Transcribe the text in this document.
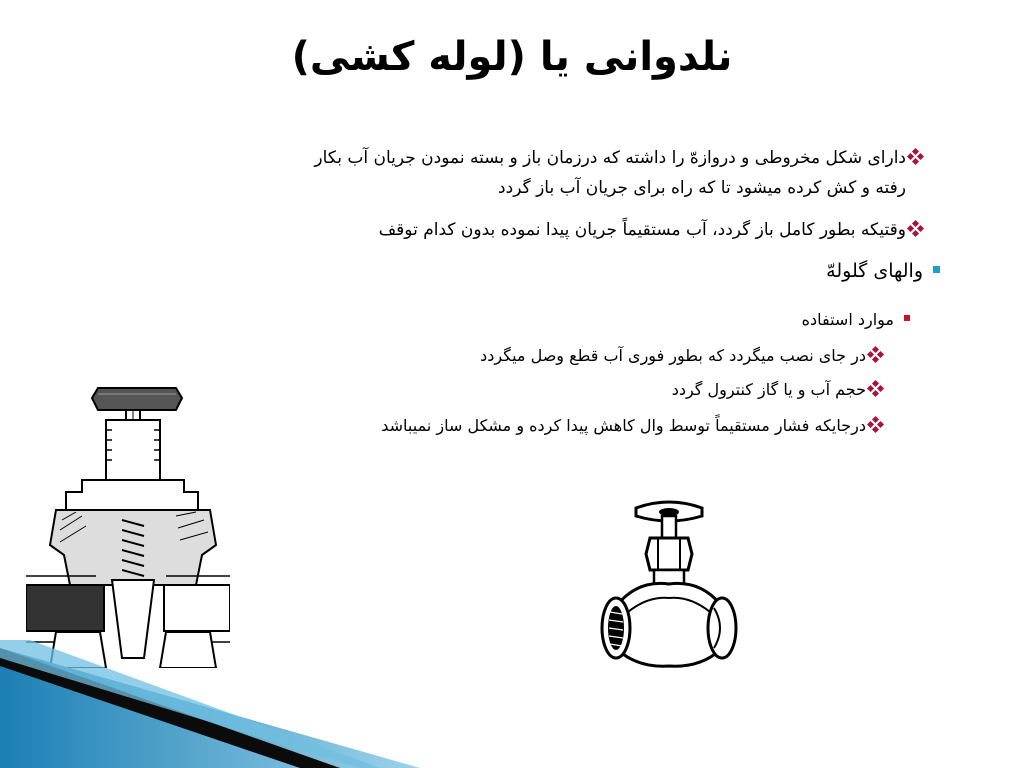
نلدوانی یا (لوله کشی)
دارای شکل مخروطی و دروازهّ را داشته که درزمان باز و بسته نمودن جریان آب بکار
رفته و کش کرده میشود تا که راه برای جریان آب باز گردد
وقتیکه بطور کامل باز گردد، آب مستقیماً جریان پیدا نموده بدون کدام توقف
والهای گلولهّ
موارد استفاده
در جای نصب میگردد که بطور فوری آب قطع وصل میگردد
حجم آب و یا گاز کنترول گردد
درجایکه فشار مستقیماً توسط وال کاهش پیدا کرده و مشکل ساز نمیباشد
